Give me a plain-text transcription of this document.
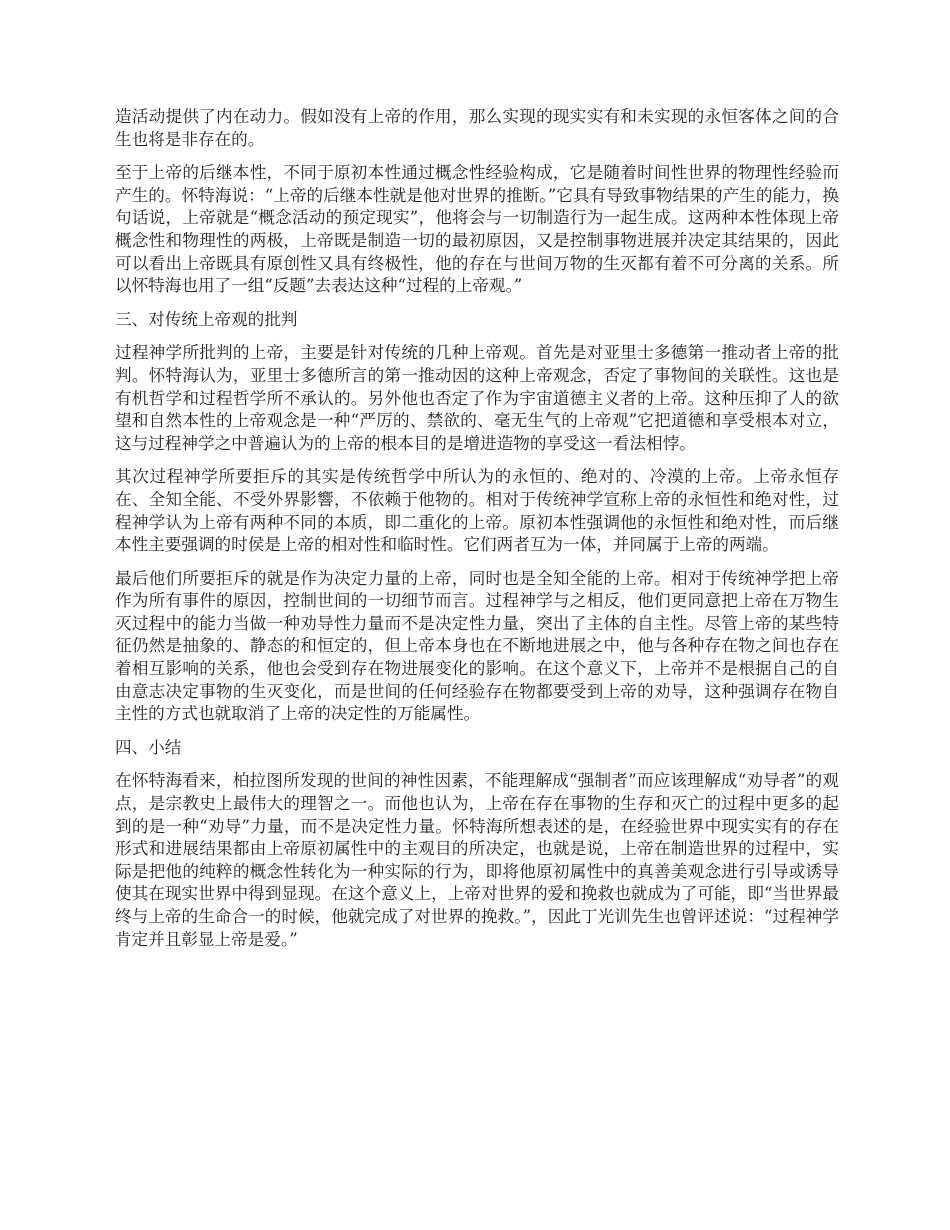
造活动提供了内在动力。假如没有上帝的作用，那么实现的现实实有和未实现的永恒客体之间的合生也将是非存在的。

至于上帝的后继本性，不同于原初本性通过概念性经验构成，它是随着时间性世界的物理性经验而产生的。怀特海说：“上帝的后继本性就是他对世界的推断。”它具有导致事物结果的产生的能力，换句话说，上帝就是“概念活动的预定现实”，他将会与一切制造行为一起生成。这两种本性体现上帝概念性和物理性的两极，上帝既是制造一切的最初原因，又是控制事物进展并决定其结果的，因此可以看出上帝既具有原创性又具有终极性，他的存在与世间万物的生灭都有着不可分离的关系。所以怀特海也用了一组“反题”去表达这种“过程的上帝观。”

三、对传统上帝观的批判

过程神学所批判的上帝，主要是针对传统的几种上帝观。首先是对亚里士多德第一推动者上帝的批判。怀特海认为，亚里士多德所言的第一推动因的这种上帝观念，否定了事物间的关联性。这也是有机哲学和过程哲学所不承认的。另外他也否定了作为宇宙道德主义者的上帝。这种压抑了人的欲望和自然本性的上帝观念是一种“严厉的、禁欲的、毫无生气的上帝观”它把道德和享受根本对立，这与过程神学之中普遍认为的上帝的根本目的是增进造物的享受这一看法相悖。

其次过程神学所要拒斥的其实是传统哲学中所认为的永恒的、绝对的、冷漠的上帝。上帝永恒存在、全知全能、不受外界影響，不依赖于他物的。相对于传统神学宣称上帝的永恒性和绝对性，过程神学认为上帝有两种不同的本质，即二重化的上帝。原初本性强调他的永恒性和绝对性，而后继本性主要强调的时侯是上帝的相对性和临时性。它们两者互为一体，并同属于上帝的两端。

最后他们所要拒斥的就是作为决定力量的上帝，同时也是全知全能的上帝。相对于传统神学把上帝作为所有事件的原因，控制世间的一切细节而言。过程神学与之相反，他们更同意把上帝在万物生灭过程中的能力当做一种劝导性力量而不是决定性力量，突出了主体的自主性。尽管上帝的某些特征仍然是抽象的、静态的和恒定的，但上帝本身也在不断地进展之中，他与各种存在物之间也存在着相互影响的关系，他也会受到存在物进展变化的影响。在这个意义下，上帝并不是根据自己的自由意志决定事物的生灭变化，而是世间的任何经验存在物都要受到上帝的劝导，这种强调存在物自主性的方式也就取消了上帝的决定性的万能属性。

四、小结

在怀特海看来，柏拉图所发现的世间的神性因素，不能理解成“强制者”而应该理解成“劝导者”的观点，是宗教史上最伟大的理智之一。而他也认为，上帝在存在事物的生存和灭亡的过程中更多的起到的是一种“劝导”力量，而不是决定性力量。怀特海所想表述的是，在经验世界中现实实有的存在形式和进展结果都由上帝原初属性中的主观目的所决定，也就是说，上帝在制造世界的过程中，实际是把他的纯粹的概念性转化为一种实际的行为，即将他原初属性中的真善美观念进行引导或诱导使其在现实世界中得到显现。在这个意义上，上帝对世界的爱和挽救也就成为了可能，即“当世界最终与上帝的生命合一的时候，他就完成了对世界的挽救。”，因此丁光训先生也曾评述说：“过程神学肯定并且彰显上帝是爱。”
